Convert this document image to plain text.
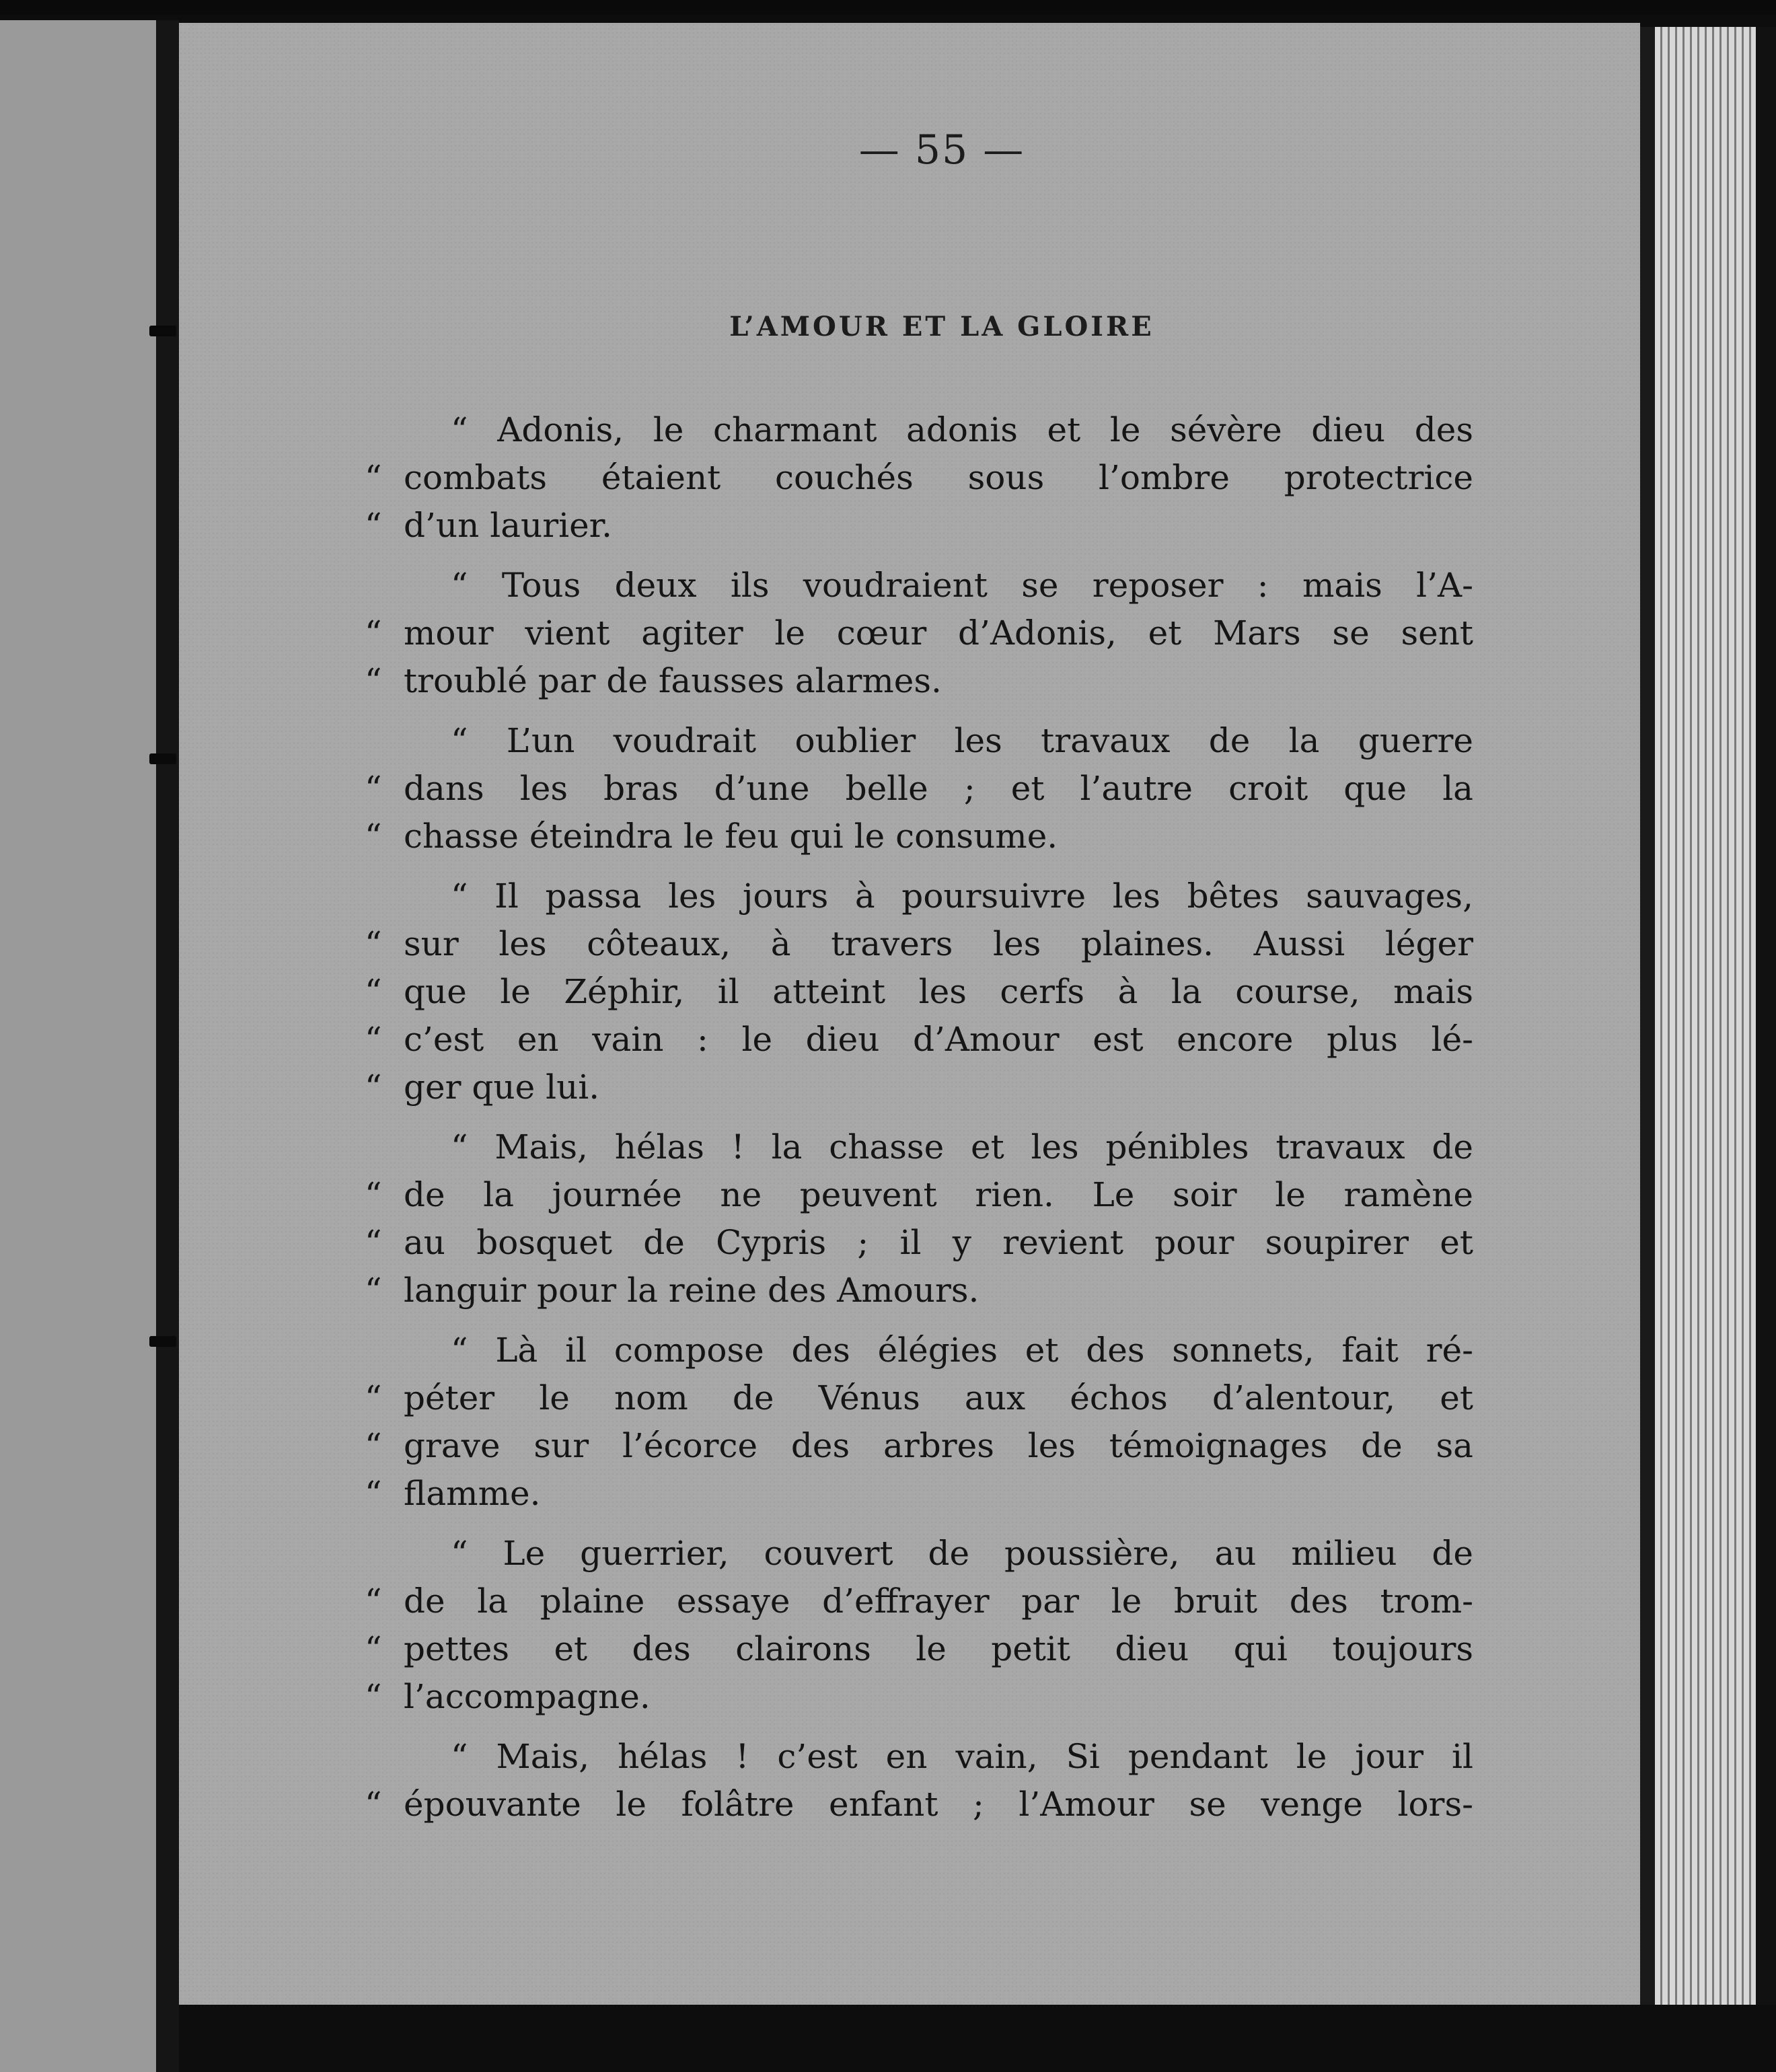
— 55 —
L’AMOUR ET LA GLOIRE
“ Adonis, le charmant adonis et le sévère dieu des
“ combats étaient couchés sous l’ombre protectrice
“ d’un laurier.
“ Tous deux ils voudraient se reposer : mais l’A-
“ mour vient agiter le cœur d’Adonis, et Mars se sent
“ troublé par de fausses alarmes.
“ L’un voudrait oublier les travaux de la guerre
“ dans les bras d’une belle ; et l’autre croit que la
“ chasse éteindra le feu qui le consume.
“ Il passa les jours à poursuivre les bêtes sauvages,
“ sur les côteaux, à travers les plaines. Aussi léger
“ que le Zéphir, il atteint les cerfs à la course, mais
“ c’est en vain : le dieu d’Amour est encore plus lé-
“ ger que lui.
“ Mais, hélas ! la chasse et les pénibles travaux de
“ de la journée ne peuvent rien. Le soir le ramène
“ au bosquet de Cypris ; il y revient pour soupirer et
“ languir pour la reine des Amours.
“ Là il compose des élégies et des sonnets, fait ré-
“ péter le nom de Vénus aux échos d’alentour, et
“ grave sur l’écorce des arbres les témoignages de sa
“ flamme.
“ Le guerrier, couvert de poussière, au milieu de
“ de la plaine essaye d’effrayer par le bruit des trom-
“ pettes et des clairons le petit dieu qui toujours
“ l’accompagne.
“ Mais, hélas ! c’est en vain, Si pendant le jour il
“ épouvante le folâtre enfant ; l’Amour se venge lors-
